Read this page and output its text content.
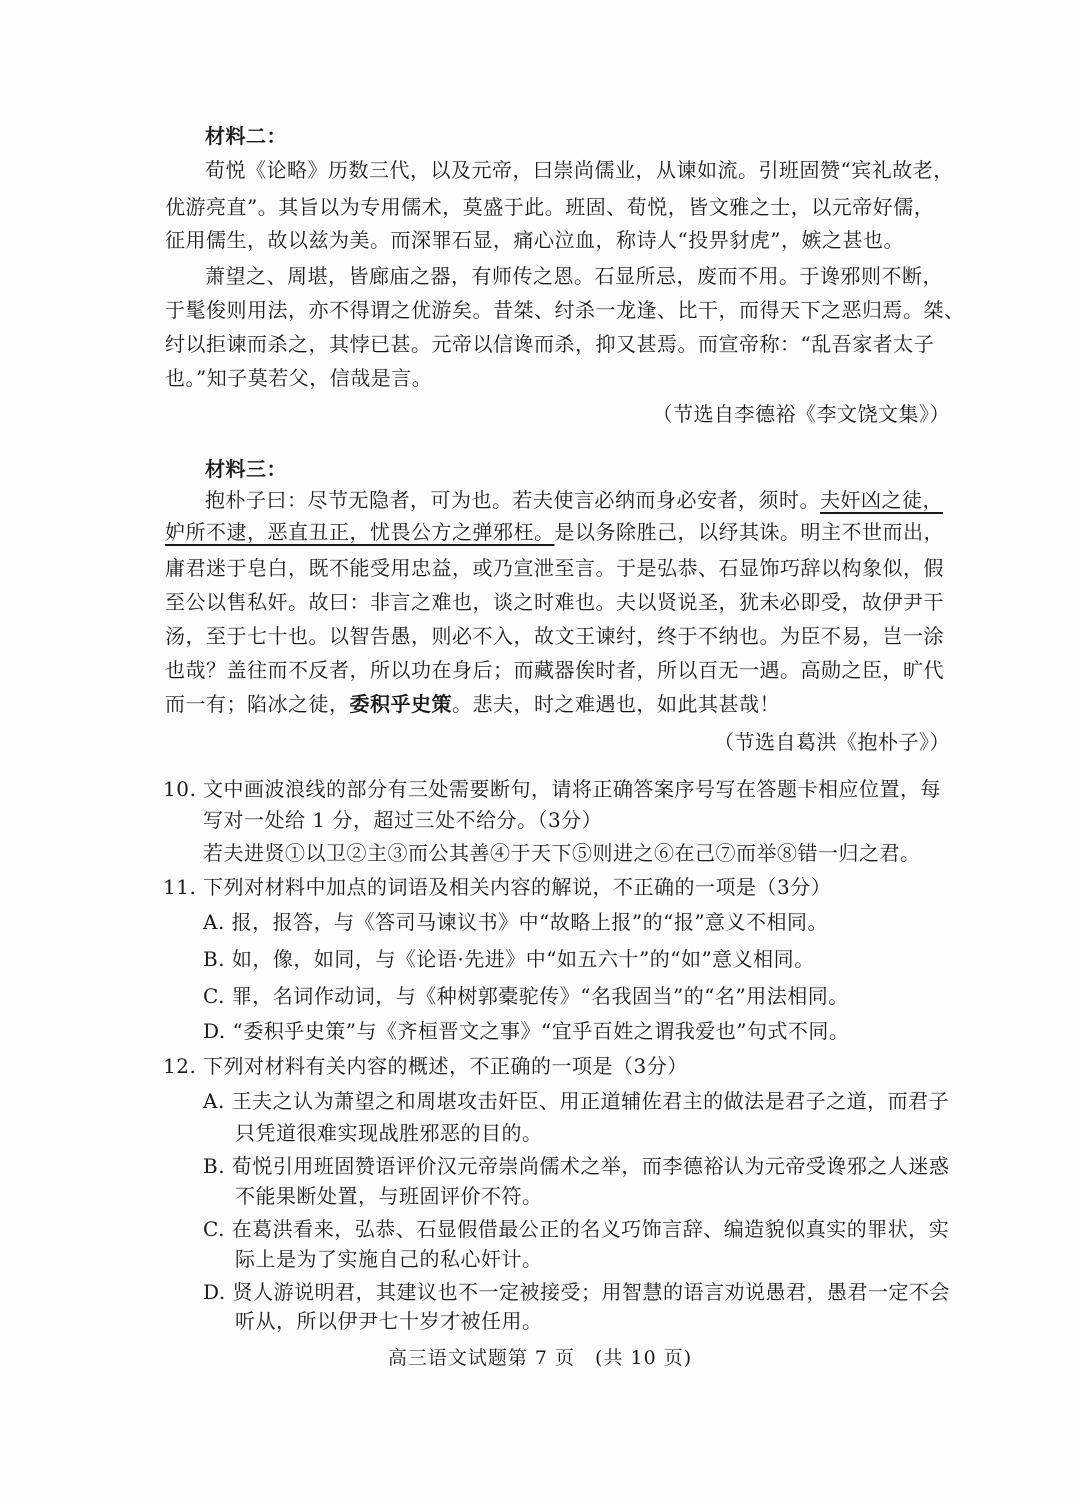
材料二：
荀悦《论略》历数三代，以及元帝，曰崇尚儒业，从谏如流。引班固赞“宾礼故老，
优游亮直”。其旨以为专用儒术，莫盛于此。班固、荀悦，皆文雅之士，以元帝好儒，
征用儒生，故以兹为美。而深罪石显，痛心泣血，称诗人“投畀豺虎”，嫉之甚也。
萧望之、周堪，皆廊庙之器，有师传之恩。石显所忌，废而不用。于谗邪则不断，
于髦俊则用法，亦不得谓之优游矣。昔桀、纣杀一龙逢、比干，而得天下之恶归焉。桀、
纣以拒谏而杀之，其悖已甚。元帝以信谗而杀，抑又甚焉。而宣帝称：“乱吾家者太子
也。”知子莫若父，信哉是言。
（节选自李德裕《李文饶文集》）
材料三：
抱朴子曰：尽节无隐者，可为也。若夫使言必纳而身必安者，须时。夫奸凶之徒，
妒所不逮，恶直丑正，忧畏公方之弹邪枉。是以务除胜己，以纾其诛。明主不世而出，
庸君迷于皂白，既不能受用忠益，或乃宣泄至言。于是弘恭、石显饰巧辞以构象似，假
至公以售私奸。故曰：非言之难也，谈之时难也。夫以贤说圣，犹未必即受，故伊尹干
汤，至于七十也。以智告愚，则必不入，故文王谏纣，终于不纳也。为臣不易，岂一涂
也哉？盖往而不反者，所以功在身后；而藏器俟时者，所以百无一遇。高勋之臣，旷代
而一有；陷冰之徒，委积乎史策。悲夫，时之难遇也，如此其甚哉！
（节选自葛洪《抱朴子》）
10. 文中画波浪线的部分有三处需要断句，请将正确答案序号写在答题卡相应位置，每
写对一处给 1 分，超过三处不给分。（3分）
若夫进贤①以卫②主③而公其善④于天下⑤则进之⑥在己⑦而举⑧错一归之君。
11. 下列对材料中加点的词语及相关内容的解说，不正确的一项是（3分）
A. 报，报答，与《答司马谏议书》中“故略上报”的“报”意义不相同。
B. 如，像，如同，与《论语·先进》中“如五六十”的“如”意义相同。
C. 罪，名词作动词，与《种树郭橐驼传》“名我固当”的“名”用法相同。
D. “委积乎史策”与《齐桓晋文之事》“宜乎百姓之谓我爱也”句式不同。
12. 下列对材料有关内容的概述，不正确的一项是（3分）
A. 王夫之认为萧望之和周堪攻击奸臣、用正道辅佐君主的做法是君子之道，而君子
只凭道很难实现战胜邪恶的目的。
B. 荀悦引用班固赞语评价汉元帝崇尚儒术之举，而李德裕认为元帝受谗邪之人迷惑
不能果断处置，与班固评价不符。
C. 在葛洪看来，弘恭、石显假借最公正的名义巧饰言辞、编造貌似真实的罪状，实
际上是为了实施自己的私心奸计。
D. 贤人游说明君，其建议也不一定被接受；用智慧的语言劝说愚君，愚君一定不会
听从，所以伊尹七十岁才被任用。
高三语文试题第 7 页　(共 10 页)
